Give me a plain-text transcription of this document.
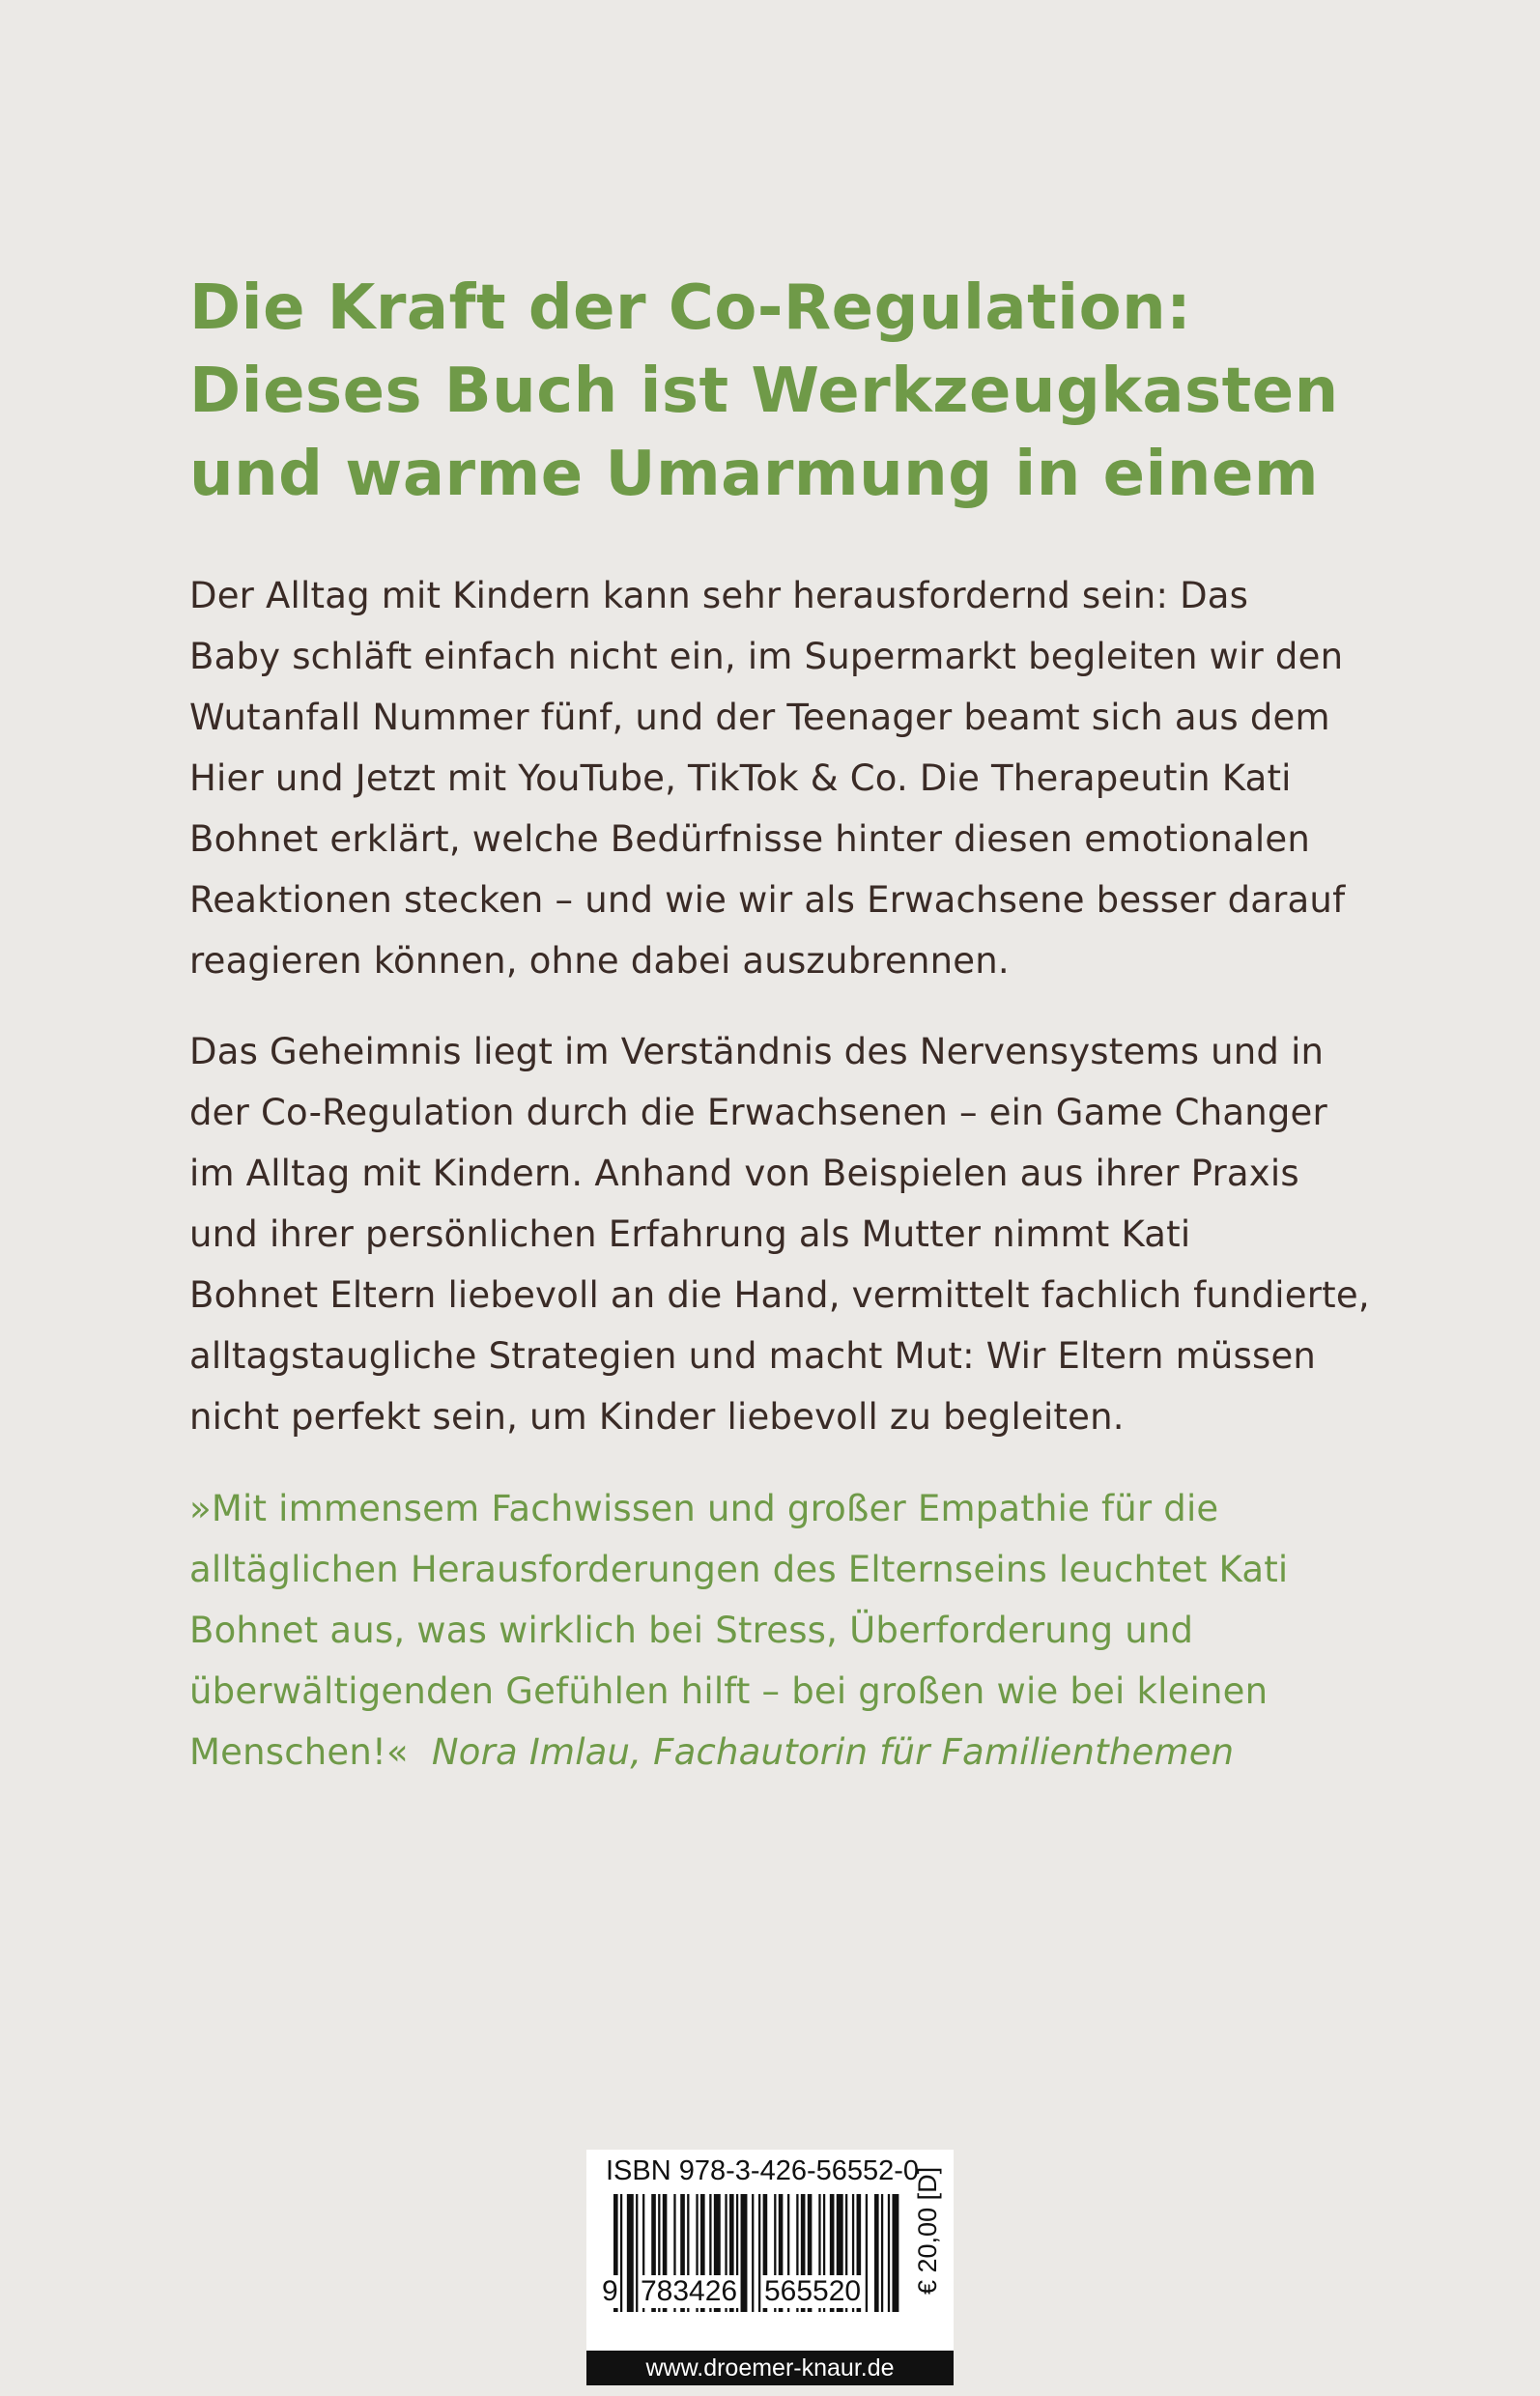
Die Kraft der Co-Regulation:
Dieses Buch ist Werkzeugkasten
und warme Umarmung in einem
Der Alltag mit Kindern kann sehr herausfordernd sein: Das
Baby schläft einfach nicht ein, im Supermarkt begleiten wir den
Wutanfall Nummer fünf, und der Teenager beamt sich aus dem
Hier und Jetzt mit YouTube, TikTok & Co. Die Therapeutin Kati
Bohnet erklärt, welche Bedürfnisse hinter diesen emotionalen
Reaktionen stecken – und wie wir als Erwachsene besser darauf
reagieren können, ohne dabei auszubrennen.
Das Geheimnis liegt im Verständnis des Nervensystems und in
der Co-Regulation durch die Erwachsenen – ein Game Changer
im Alltag mit Kindern. Anhand von Beispielen aus ihrer Praxis
und ihrer persönlichen Erfahrung als Mutter nimmt Kati
Bohnet Eltern liebevoll an die Hand, vermittelt fachlich fundierte,
alltagstaugliche Strategien und macht Mut: Wir Eltern müssen
nicht perfekt sein, um Kinder liebevoll zu begleiten.
»Mit immensem Fachwissen und großer Empathie für die
alltäglichen Herausforderungen des Elternseins leuchtet Kati
Bohnet aus, was wirklich bei Stress, Überforderung und
überwältigenden Gefühlen hilft – bei großen wie bei kleinen
Menschen!« Nora Imlau, Fachautorin für Familienthemen
ISBN 978-3-426-56552-0
9 783426 565520 € 20,00 [D]
www.droemer-knaur.de
